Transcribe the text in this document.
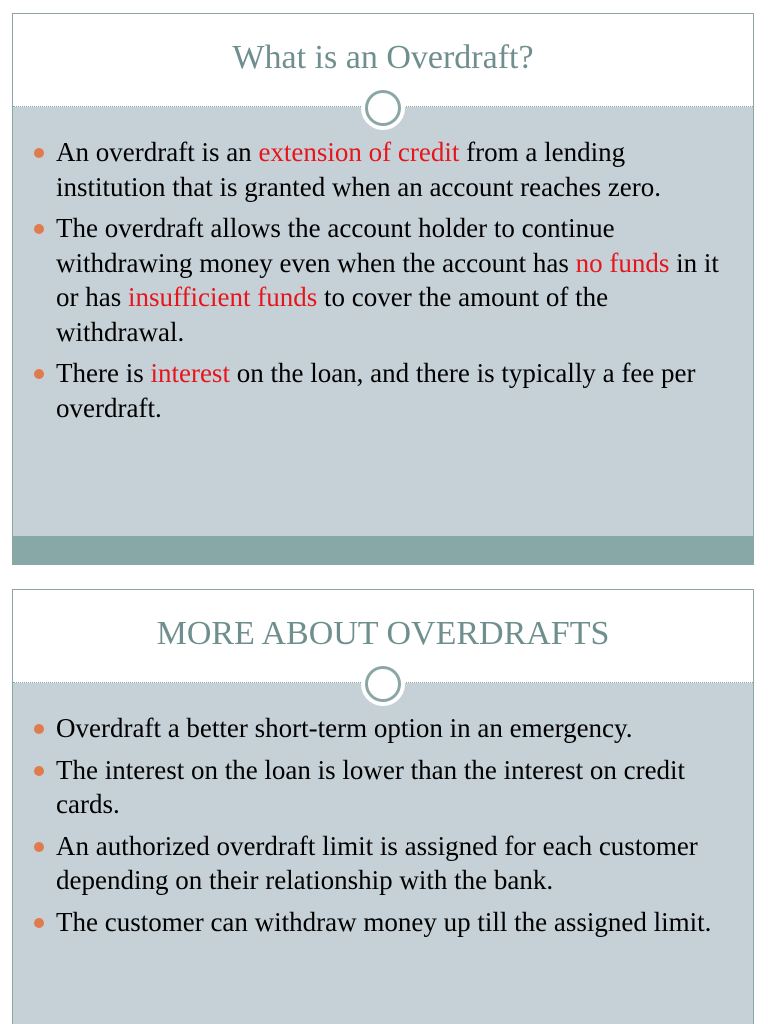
What is an Overdraft?
An overdraft is an extension of credit from a lending institution that is granted when an account reaches zero.
The overdraft allows the account holder to continue withdrawing money even when the account has no funds in it or has insufficient funds to cover the amount of the withdrawal.
There is interest on the loan, and there is typically a fee per overdraft.
MORE ABOUT OVERDRAFTS
Overdraft a better short-term option in an emergency.
The interest on the loan is lower than the interest on credit cards.
An authorized overdraft limit is assigned for each customer depending on their relationship with the bank.
The customer can withdraw money up till the assigned limit.
